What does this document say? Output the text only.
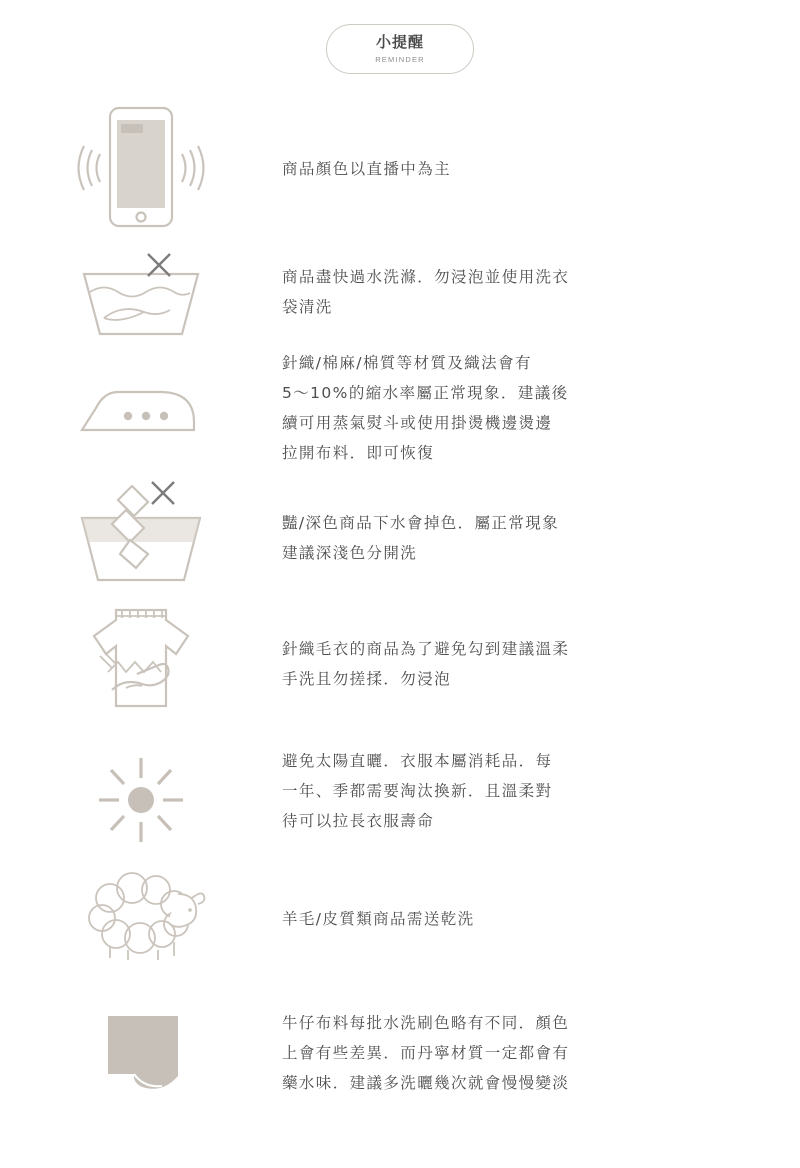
小提醒
REMINDER

商品顏色以直播中為主

商品盡快過水洗滌．勿浸泡並使用洗衣

袋清洗

針織/棉麻/棉質等材質及織法會有

5～10%的縮水率屬正常現象．建議後

續可用蒸氣熨斗或使用掛燙機邊燙邊

拉開布料．即可恢復

豔/深色商品下水會掉色．屬正常現象

建議深淺色分開洗

針織毛衣的商品為了避免勾到建議溫柔

手洗且勿搓揉．勿浸泡

避免太陽直曬．衣服本屬消耗品．每

一年、季都需要淘汰換新．且溫柔對

待可以拉長衣服壽命

羊毛/皮質類商品需送乾洗

牛仔布料每批水洗刷色略有不同．顏色

上會有些差異．而丹寧材質一定都會有

藥水味．建議多洗曬幾次就會慢慢變淡
